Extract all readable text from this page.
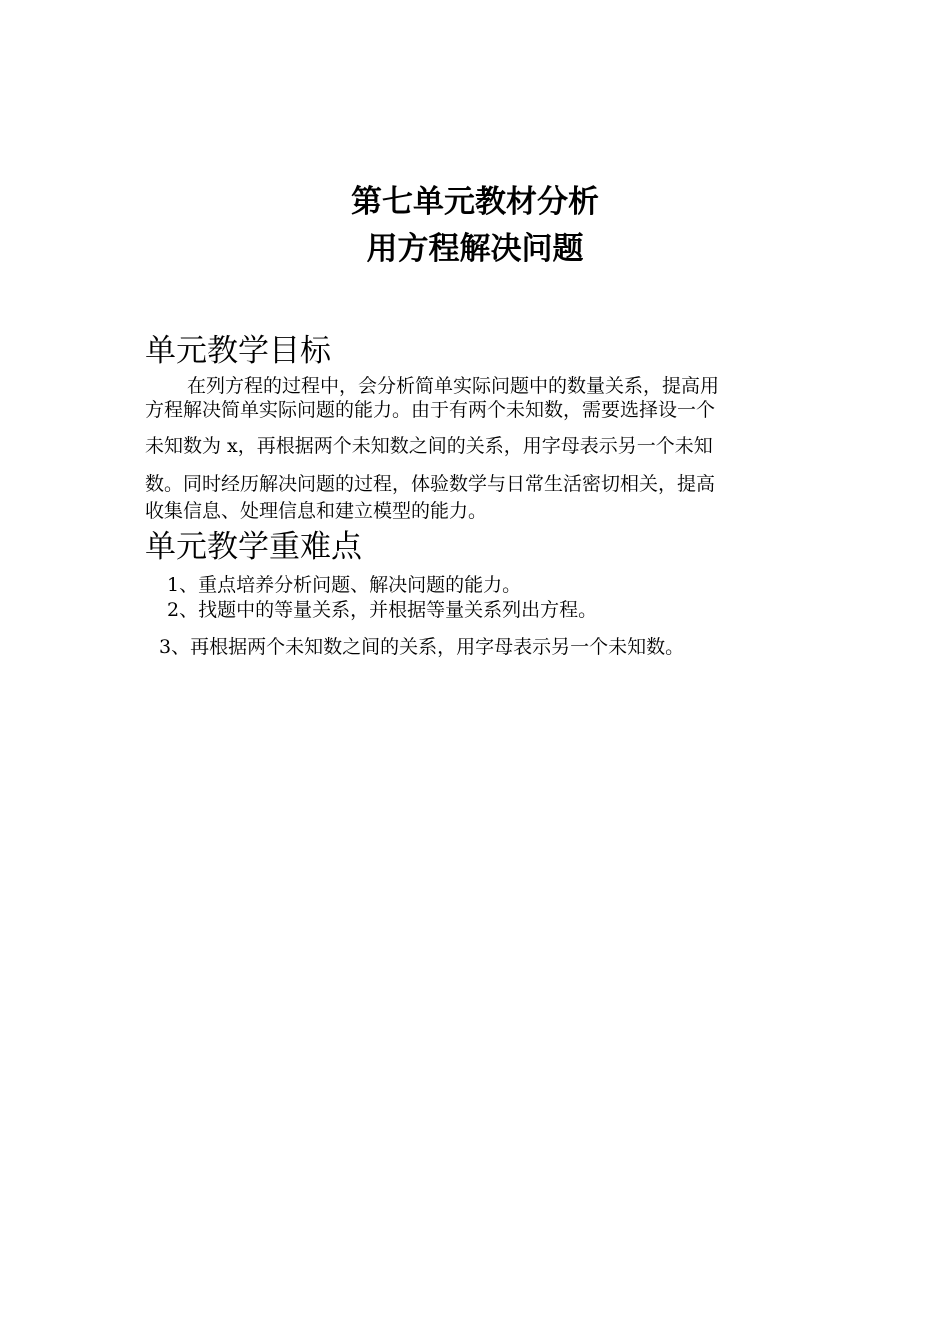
第七单元教材分析
用方程解决问题
单元教学目标
在列方程的过程中，会分析简单实际问题中的数量关系，提高用
方程解决简单实际问题的能力。由于有两个未知数，需要选择设一个
未知数为 x，再根据两个未知数之间的关系，用字母表示另一个未知
数。同时经历解决问题的过程，体验数学与日常生活密切相关，提高
收集信息、处理信息和建立模型的能力。
单元教学重难点
1、重点培养分析问题、解决问题的能力。
2、找题中的等量关系，并根据等量关系列出方程。
3、再根据两个未知数之间的关系，用字母表示另一个未知数。
